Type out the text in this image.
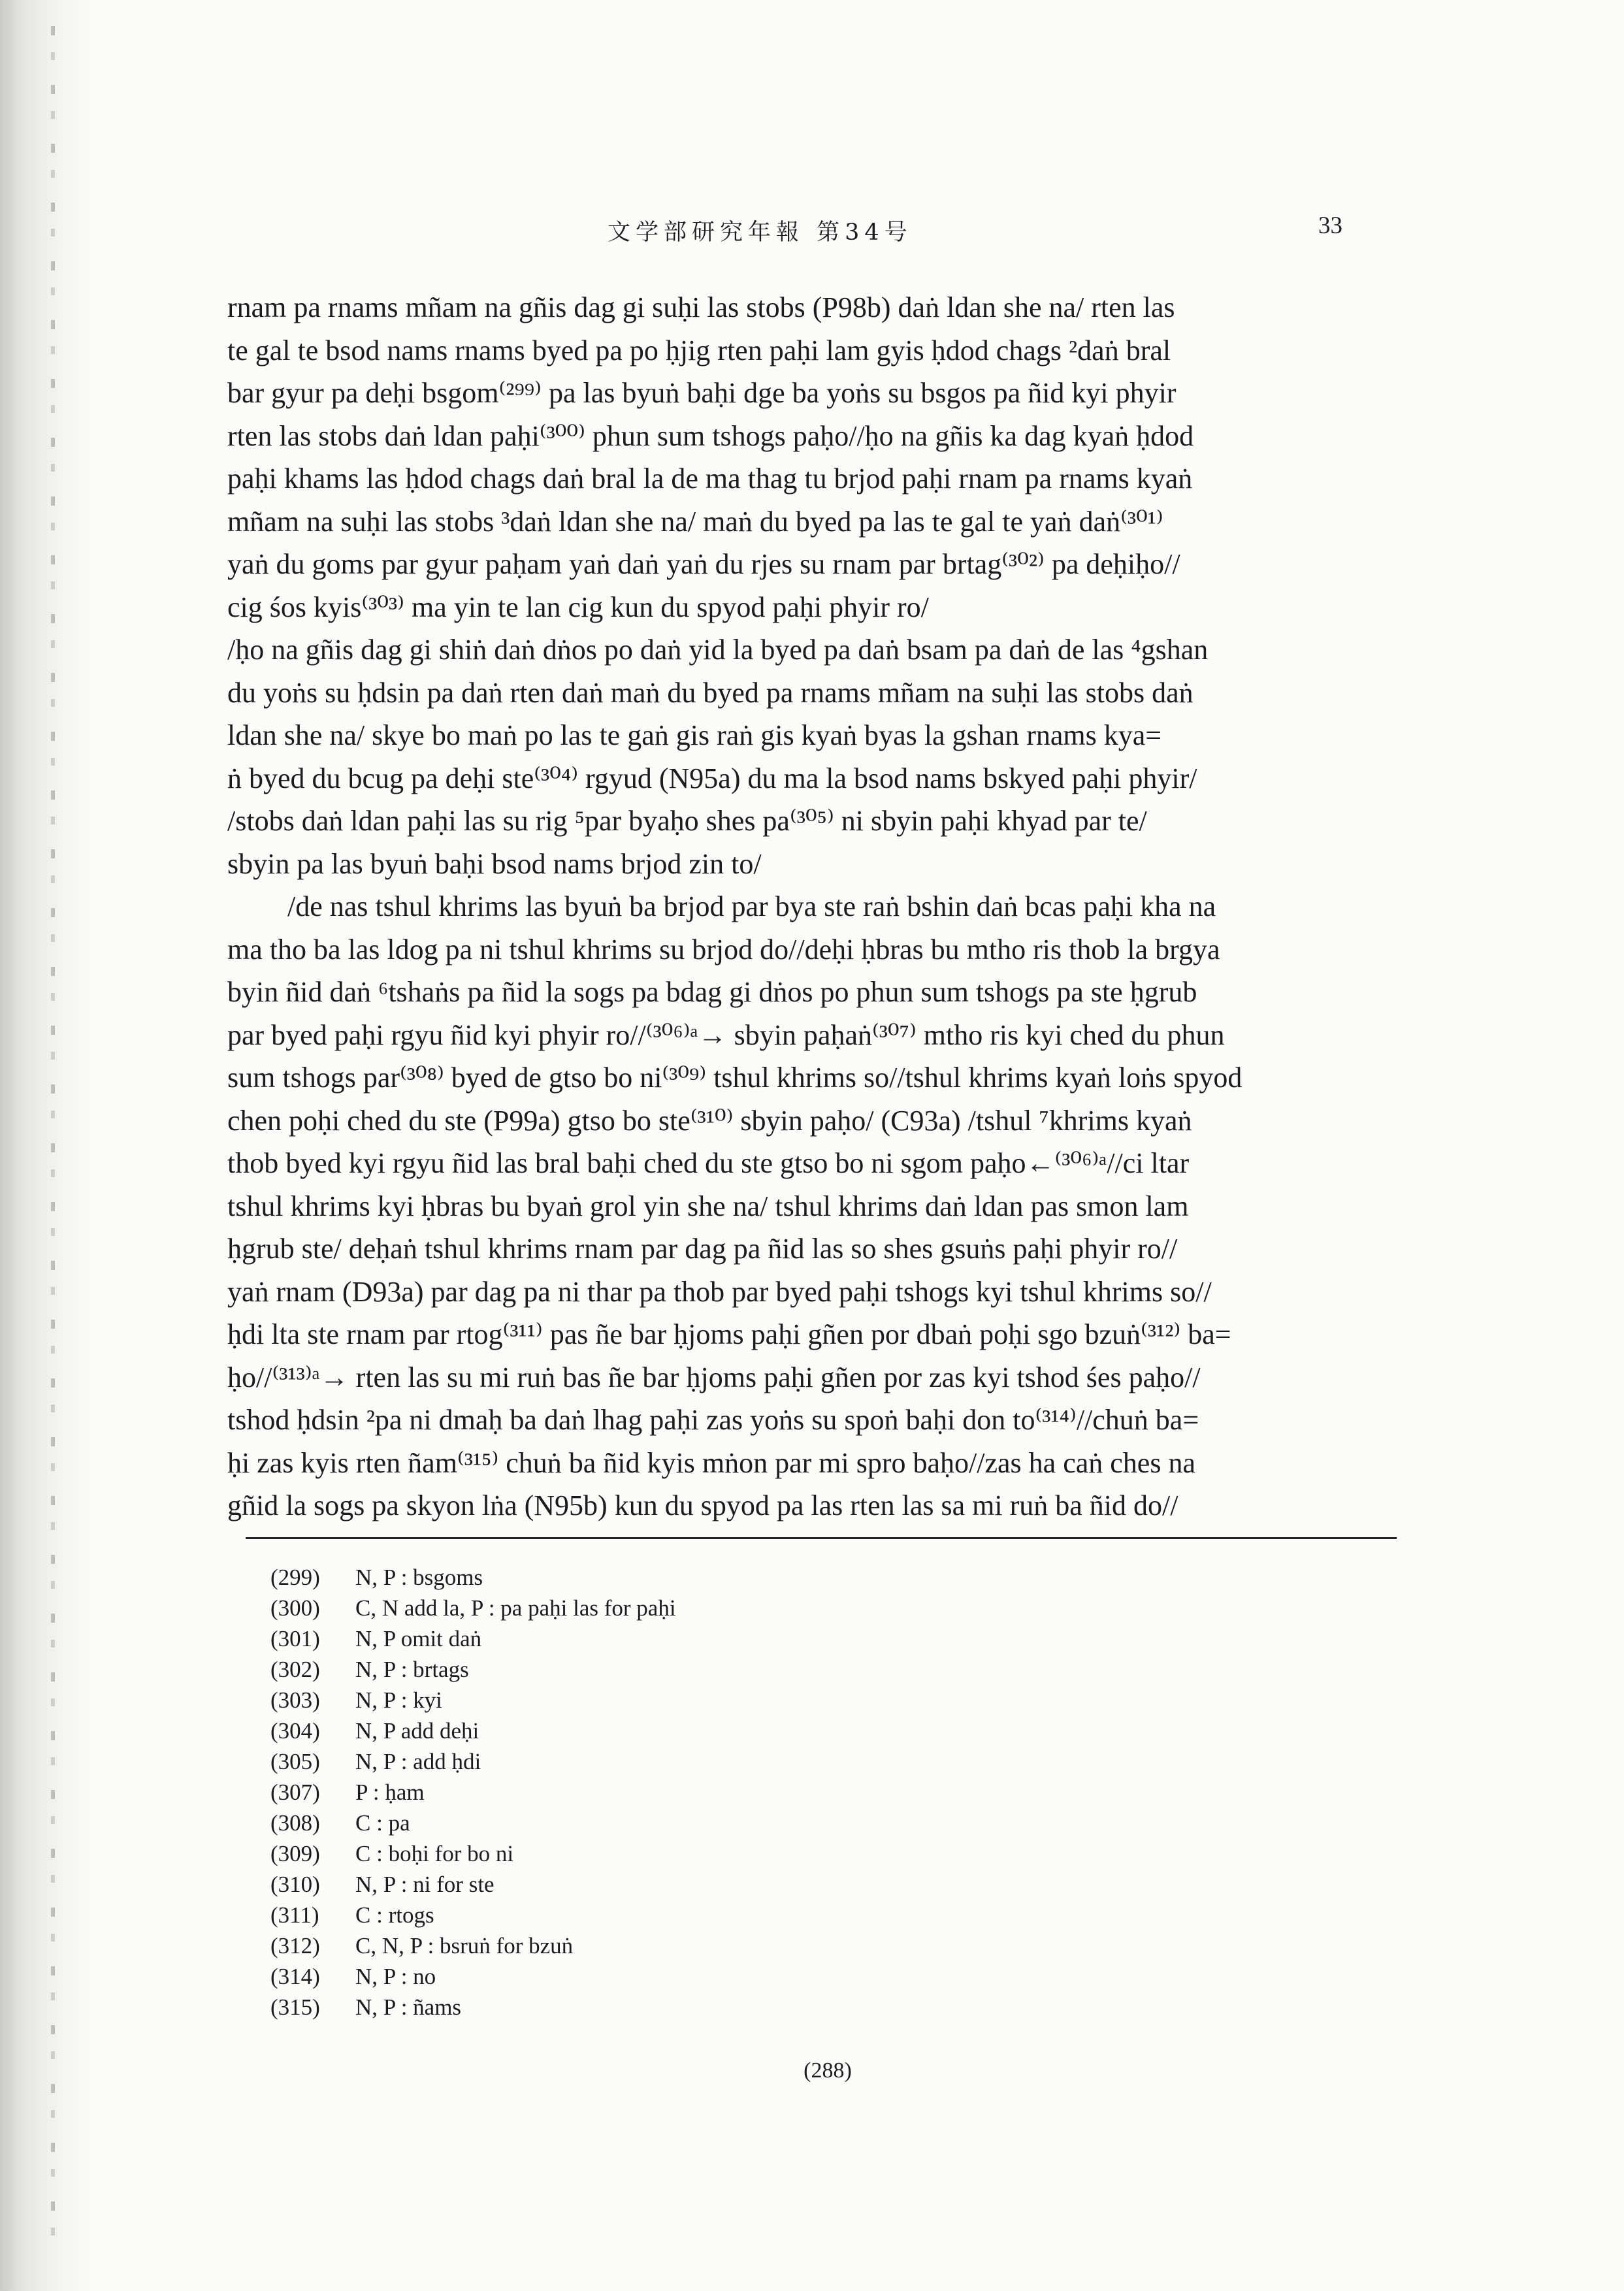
文学部研究年報 第34号	33
rnam pa rnams mñam na gñis dag gi suḥi las stobs (P98b) daṅ ldan she na/ rten las
te gal te bsod nams rnams byed pa po ḥjig rten paḥi lam gyis ḥdod chags ²daṅ bral
bar gyur pa deḥi bsgom⁽²⁹⁹⁾ pa las byuṅ baḥi dge ba yoṅs su bsgos pa ñid kyi phyir
rten las stobs daṅ ldan paḥi⁽³⁰⁰⁾ phun sum tshogs paḥo//ḥo na gñis ka dag kyaṅ ḥdod
paḥi khams las ḥdod chags daṅ bral la de ma thag tu brjod paḥi rnam pa rnams kyaṅ
mñam na suḥi las stobs ³daṅ ldan she na/ maṅ du byed pa las te gal te yaṅ daṅ⁽³⁰¹⁾
yaṅ du goms par gyur paḥam yaṅ daṅ yaṅ du rjes su rnam par brtag⁽³⁰²⁾ pa deḥiḥo//
cig śos kyis⁽³⁰³⁾ ma yin te lan cig kun du spyod paḥi phyir ro/
/ḥo na gñis dag gi shiṅ daṅ dṅos po daṅ yid la byed pa daṅ bsam pa daṅ de las ⁴gshan
du yoṅs su ḥdsin pa daṅ rten daṅ maṅ du byed pa rnams mñam na suḥi las stobs daṅ
ldan she na/ skye bo maṅ po las te gaṅ gis raṅ gis kyaṅ byas la gshan rnams kya=
ṅ byed du bcug pa deḥi ste⁽³⁰⁴⁾ rgyud (N95a) du ma la bsod nams bskyed paḥi phyir/
/stobs daṅ ldan paḥi las su rig ⁵par byaḥo shes pa⁽³⁰⁵⁾ ni sbyin paḥi khyad par te/
sbyin pa las byuṅ baḥi bsod nams brjod zin to/
/de nas tshul khrims las byuṅ ba brjod par bya ste raṅ bshin daṅ bcas paḥi kha na
ma tho ba las ldog pa ni tshul khrims su brjod do//deḥi ḥbras bu mtho ris thob la brgya
byin ñid daṅ ⁶tshaṅs pa ñid la sogs pa bdag gi dṅos po phun sum tshogs pa ste ḥgrub
par byed paḥi rgyu ñid kyi phyir ro//⁽³⁰⁶⁾ᵃ→ sbyin paḥaṅ⁽³⁰⁷⁾ mtho ris kyi ched du phun
sum tshogs par⁽³⁰⁸⁾ byed de gtso bo ni⁽³⁰⁹⁾ tshul khrims so//tshul khrims kyaṅ loṅs spyod
chen poḥi ched du ste (P99a) gtso bo ste⁽³¹⁰⁾ sbyin paḥo/ (C93a) /tshul ⁷khrims kyaṅ
thob byed kyi rgyu ñid las bral baḥi ched du ste gtso bo ni sgom paḥo←⁽³⁰⁶⁾ᵃ//ci ltar
tshul khrims kyi ḥbras bu byaṅ grol yin she na/ tshul khrims daṅ ldan pas smon lam
ḥgrub ste/ deḥaṅ tshul khrims rnam par dag pa ñid las so shes gsuṅs paḥi phyir ro//
yaṅ rnam (D93a) par dag pa ni thar pa thob par byed paḥi tshogs kyi tshul khrims so//
ḥdi lta ste rnam par rtog⁽³¹¹⁾ pas ñe bar ḥjoms paḥi gñen por dbaṅ poḥi sgo bzuṅ⁽³¹²⁾ ba=
ḥo//⁽³¹³⁾ᵃ→ rten las su mi ruṅ bas ñe bar ḥjoms paḥi gñen por zas kyi tshod śes paḥo//
tshod ḥdsin ²pa ni dmaḥ ba daṅ lhag paḥi zas yoṅs su spoṅ baḥi don to⁽³¹⁴⁾//chuṅ ba=
ḥi zas kyis rten ñam⁽³¹⁵⁾ chuṅ ba ñid kyis mṅon par mi spro baḥo//zas ha caṅ ches na
gñid la sogs pa skyon lṅa (N95b) kun du spyod pa las rten las sa mi ruṅ ba ñid do//
(299)	N, P : bsgoms
(300)	C, N add la, P : pa paḥi las for paḥi
(301)	N, P omit daṅ
(302)	N, P : brtags
(303)	N, P : kyi
(304)	N, P add deḥi
(305)	N, P : add ḥdi
(307)	P : ḥam
(308)	C : pa
(309)	C : boḥi for bo ni
(310)	N, P : ni for ste
(311)	C : rtogs
(312)	C, N, P : bsruṅ for bzuṅ
(314)	N, P : no
(315)	N, P : ñams
(288)
